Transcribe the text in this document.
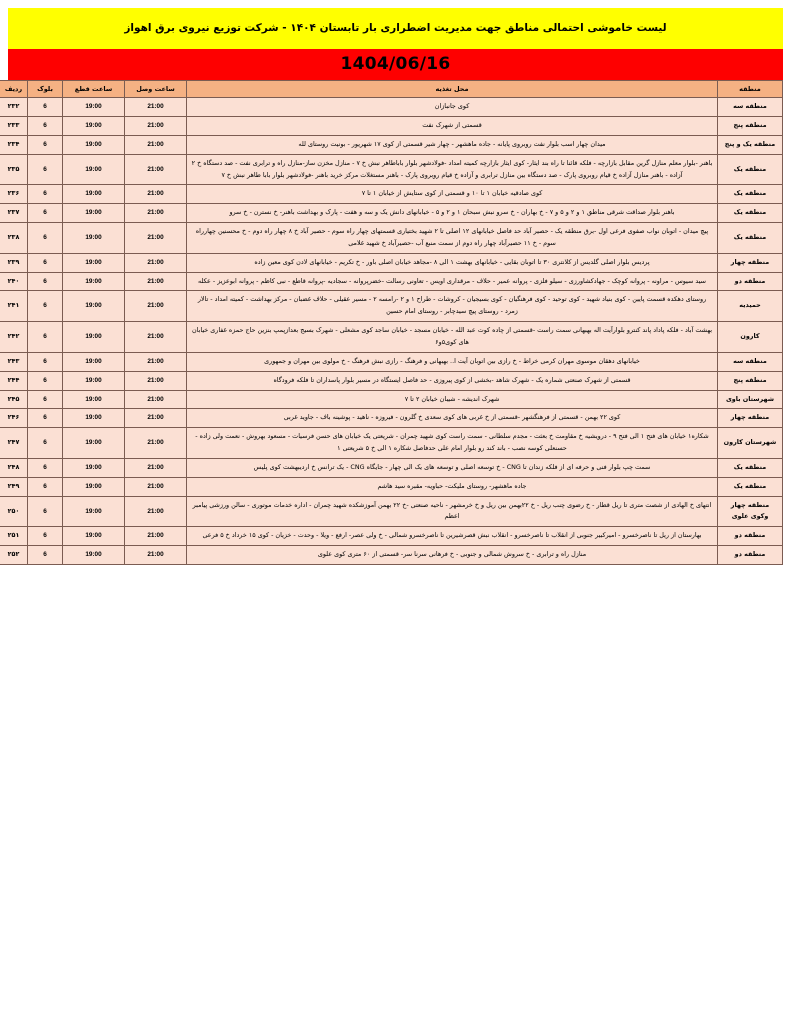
لیست خاموشی احتمالی مناطق جهت مدیریت اضطراری بار تابستان ۱۴۰۴ - شرکت توزیع نیروی برق اهواز
1404/06/16
منطقه	محل تغذیه	ساعت وصل	ساعت قطع	بلوک	ردیف
منطقه سه	کوی جانبازان	21:00	19:00	6	۲۳۲
منطقه پنج	قسمتی از شهرک نفت	21:00	19:00	6	۲۳۳
منطقه یک و پنج	میدان چهار اسب بلوار نفت روبروی پایانه - جاده ماهشهر - چهار شیر قسمتی از کوی ۱۷ شهریور - بونیت روستای لله	21:00	19:00	6	۲۳۴
منطقه یک	باهنر -بلوار معلم منازل گرین مقابل بازارچه - فلکه قائنا تا راه بند ایثار- کوی ایثار بازارچه کمیته امداد -فولادشهر بلوار باباطاهر نبش خ ۷ - منازل مخزن ساز-منازل راه و ترابری نفت - صد دستگاه خ ۲ آزاده - باهنر منازل آزاده خ قیام روبروی پارک - صد دستگاه بین منازل ترابری و آزاده خ قیام روبروی پارک - باهنر مستغلات مرکز خرید باهنر -فولادشهر بلوار بابا طاهر نبش خ ۷	21:00	19:00	6	۲۳۵
منطقه یک	کوی صادقیه خیابان ۱ تا ۱۰ و قسمتی از کوی ستایش از خیابان ۱ تا ۷	21:00	19:00	6	۲۳۶
منطقه یک	باهنر بلوار صداقت شرقی مناطق ۱ و ۲ و ۵ و ۷ - خ بهاران - خ سرو نبش سبحان ۱ و ۲ و ۵ - خیابانهای دانش یک و سه و هفت - پارک و بهداشت باهنر- خ نسترن - خ سرو	21:00	19:00	6	۲۳۷
منطقه یک	پیچ میدان - اتوبان نواب صفوی فرعی اول -برق منطقه یک - حصیر آباد حد فاصل خیابانهای ۱۲ اصلی تا ۲ شهید بختیاری قسمتهای چهار راه سوم - حصیر آباد خ ۸ چهار راه دوم - خ محسنین چهارراه سوم - خ ۱۱ حصیرآباد چهار راه دوم از سمت منبع آب -حصیرآباد خ شهید غلامی	21:00	19:00	6	۲۳۸
منطقه چهار	پردیس بلوار اصلی گلدیس از کلانتری ۳۰ تا اتوبان بقایی - خیابانهای بهشت ۱ الی ۸ -مجاهد خیابان اصلی باور - خ تکریم - خیابانهای لادن کوی معین زاده	21:00	19:00	6	۲۳۹
منطقه دو	سید سیوس - مراونه - پروانه کوچک - جهادکشاورزی - سیلو فلزی - پروانه عمیر - حلاف - مرقداری اویس - تعاونی رسالت -خضرپروانه - سجادیه -پروانه قاطع - نبی کاظم - پروانه ابوعزیز - عکله	21:00	19:00	6	۲۴۰
حمیدیه	روستای دهکده قسمت پایین - کوی بنیاد شهید - کوی توحید - کوی فرهنگیان - کوی بسیجیان - کروشات - طراح ۱ و ۲ -رامسه ۲ - مسیر عقیلی - حلاف غضبان - مرکز بهداشت - کمیته امداد - تالار زمرد - روستای پیچ سیدچابر - روستای امام حسین	21:00	19:00	6	۲۴۱
کارون	بهشت آباد - فلکه پاداد پاند کنترو بلوارآیت اله بهبهانی سمت راست -قسمتی از چاده کوت عبد الله - خیابان مسجد - خیابان ساجد کوی مشعلی - شهرک بسیج بعدازپمپ بنزین حاج حمزه غفاری خیابان های کوی۵و۶	21:00	19:00	6	۲۴۲
منطقه سه	خیابانهای دهقان موسوی مهران کرمی خراط - خ رازی بین اتوبان آیت ا.. بهبهانی و فرهنگ - رازی نبش فرهنگ - خ مولوی بین مهران و جمهوری	21:00	19:00	6	۲۴۳
منطقه پنج	قسمتی از شهرک صنعتی شماره یک - شهرک شاهد -بخشی از کوی پیروزی - حد فاصل ایستگاه در مسیر بلوار پاسداران تا فلکه فرودگاه	21:00	19:00	6	۲۴۴
شهرستان باوی	شهرک اندیشه - شیبان خیابان ۲ تا ۷	21:00	19:00	6	۲۴۵
منطقه چهار	کوی ۲۲ بهمن - قسمتی از فرهنگشهر -قسمتی از خ غربی های کوی سعدی خ گلرون - فیروزه - ناهید - پوشینه باف - جاوید غربی	21:00	19:00	6	۲۴۶
شهرستان کارون	شکاره۱ خیابان های فتح ۱ الی فتح ۹ - درویشیه خ مقاومت خ بعثت - مجدم سلطانی - سمت راست کوی شهید چمران - شریعتی یک خیابان های حسن فرسیات - مسعود بهروش - نعمت ولی زاده - حسنعلی کوسه نصب - باند کند رو بلوار امام علی حدفاصل شکاره ۱ الی خ ۵ شریعتی ۱	21:00	19:00	6	۲۴۷
منطقه یک	سمت چپ بلوار فنی و حرفه ای از فلکه زندان تا CNG - خ توسعه اصلی و توسعه های یک الی چهار - جایگاه CNG - یک ترانس خ اردیبهشت کوی پلیس	21:00	19:00	6	۲۴۸
منطقه یک	جاده ماهشهر- روستای ملیکت- حباویه- مقبره سید هاشم	21:00	19:00	6	۲۴۹
منطقه چهار وکوی علوی	انتهای خ الهادی از شصت متری تا ریل قطار - خ رضوی چنب ریل - خ ۲۲بهمن بین ریل و خ خرمشهر - ناحیه صنعتی -خ ۲۲ بهمن آموزشکده شهید چمران - اداره خدمات موتوری - سالن ورزشی پیامبر اعظم	21:00	19:00	6	۲۵۰
منطقه دو	بهارستان از ریل تا ناصرخسرو - امیرکبیر جنوبی از انقلاب تا ناصرخسرو - انقلاب نبش قصرشیرین تا ناصرخسرو شمالی - خ ولی عصر- ارفع - ویلا - وحدت - خزیان - کوی ۱۵ خرداد خ ۵ فرعی	21:00	19:00	6	۲۵۱
منطقه دو	منازل راه و ترابری - خ سروش شمالی و جنوبی - خ فرهانی سرنا سر- قسمتی از ۶۰ متری کوی علوی	21:00	19:00	6	۲۵۲
